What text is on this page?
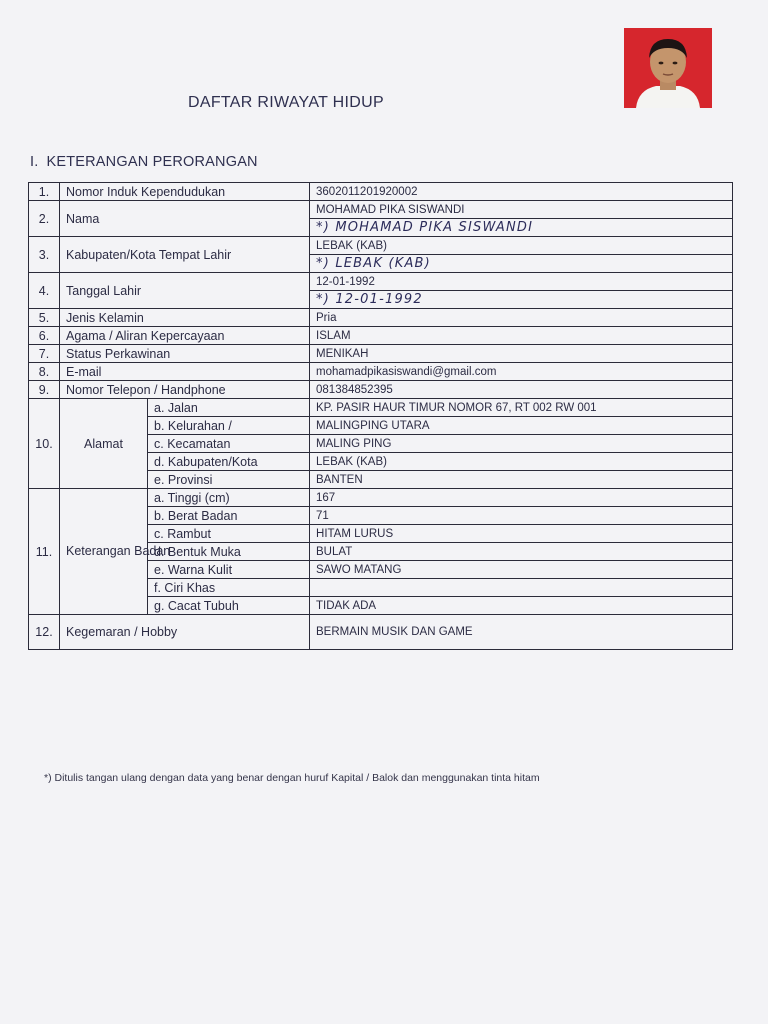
DAFTAR RIWAYAT HIDUP
I. KETERANGAN PERORANGAN
1.	Nomor Induk Kependudukan		3602011201920002
2.	Nama		MOHAMAD PIKA SISWANDI
			*) MOHAMAD PIKA SISWANDI
3.	Kabupaten/Kota Tempat Lahir		LEBAK (KAB)
			*) LEBAK (KAB)
4.	Tanggal Lahir		12-01-1992
			*) 12-01-1992
5.	Jenis Kelamin		Pria
6.	Agama / Aliran Kepercayaan		ISLAM
7.	Status Perkawinan		MENIKAH
8.	E-mail		mohamadpikasiswandi@gmail.com
9.	Nomor Telepon / Handphone		081384852395
10.	Alamat	a. Jalan	KP. PASIR HAUR TIMUR NOMOR 67, RT 002 RW 001
		b. Kelurahan /	MALINGPING UTARA
		c. Kecamatan	MALING PING
		d. Kabupaten/Kota	LEBAK (KAB)
		e. Provinsi	BANTEN
11.	Keterangan Badan	a. Tinggi (cm)	167
		b. Berat Badan	71
		c. Rambut	HITAM LURUS
		d. Bentuk Muka	BULAT
		e. Warna Kulit	SAWO MATANG
		f. Ciri Khas	
		g. Cacat Tubuh	TIDAK ADA
12.	Kegemaran / Hobby		BERMAIN MUSIK DAN GAME
*) Ditulis tangan ulang dengan data yang benar dengan huruf Kapital / Balok dan menggunakan tinta hitam
